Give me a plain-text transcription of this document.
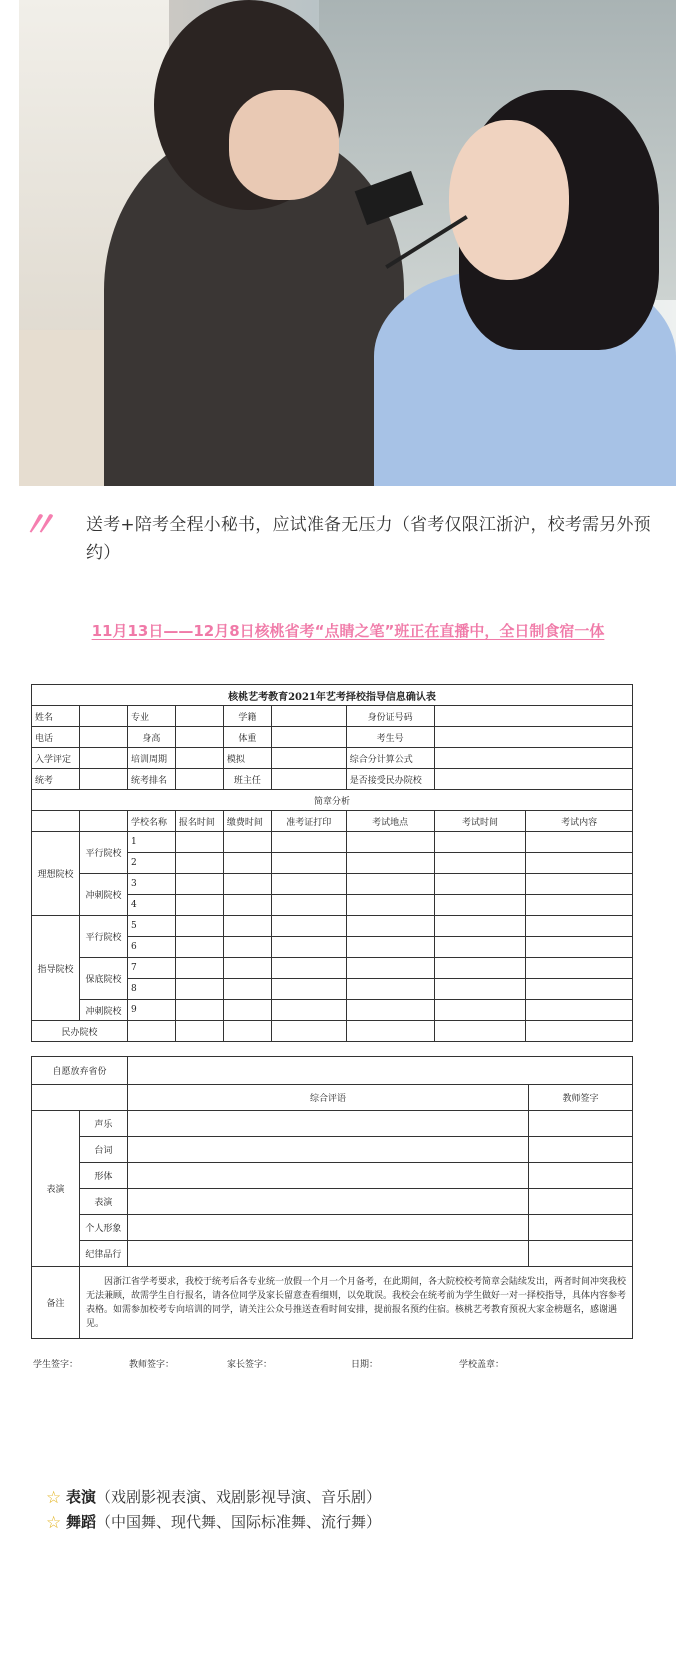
〃 送考+陪考全程小秘书，应试准备无压力（省考仅限江浙沪，校考需另外预约）
11月13日——12月8日核桃省考“点睛之笔”班正在直播中，全日制食宿一体
核桃艺考教育2021年艺考择校指导信息确认表								
姓名		专业		学籍		身份证号码		
电话		身高		体重		考生号		
入学评定		培训周期		模拟		综合分计算公式		
统考		统考排名		班主任		是否接受民办院校		
简章分析								
		学校名称	报名时间	缴费时间	准考证打印	考试地点	考试时间	考试内容
理想院校	平行院校	1						
		2						
	冲刺院校	3						
		4						
指导院校	平行院校	5						
		6						
	保底院校	7						
		8						
	冲刺院校	9						
民办院校								
自愿放弃省份			
		综合评语	教师签字
表演	声乐		
	台词		
	形体		
	表演		
	个人形象		
	纪律品行		
备注	因浙江省学考要求，我校于统考后各专业统一放假一个月一个月备考，在此期间，各大院校校考简章会陆续发出，两者时间冲突我校无法兼顾，故需学生自行报名，请各位同学及家长留意查看细则，以免耽误。我校会在统考前为学生做好一对一择校指导，具体内容参考表格。如需参加校考专向培训的同学，请关注公众号推送查看时间安排，提前报名预约住宿。核桃艺考教育预祝大家金榜题名，感谢遇见。		
学生签字：	教师签字：	家长签字：	日期：	学校盖章：
☆ 表演（戏剧影视表演、戏剧影视导演、音乐剧）
☆ 舞蹈（中国舞、现代舞、国际标准舞、流行舞）
